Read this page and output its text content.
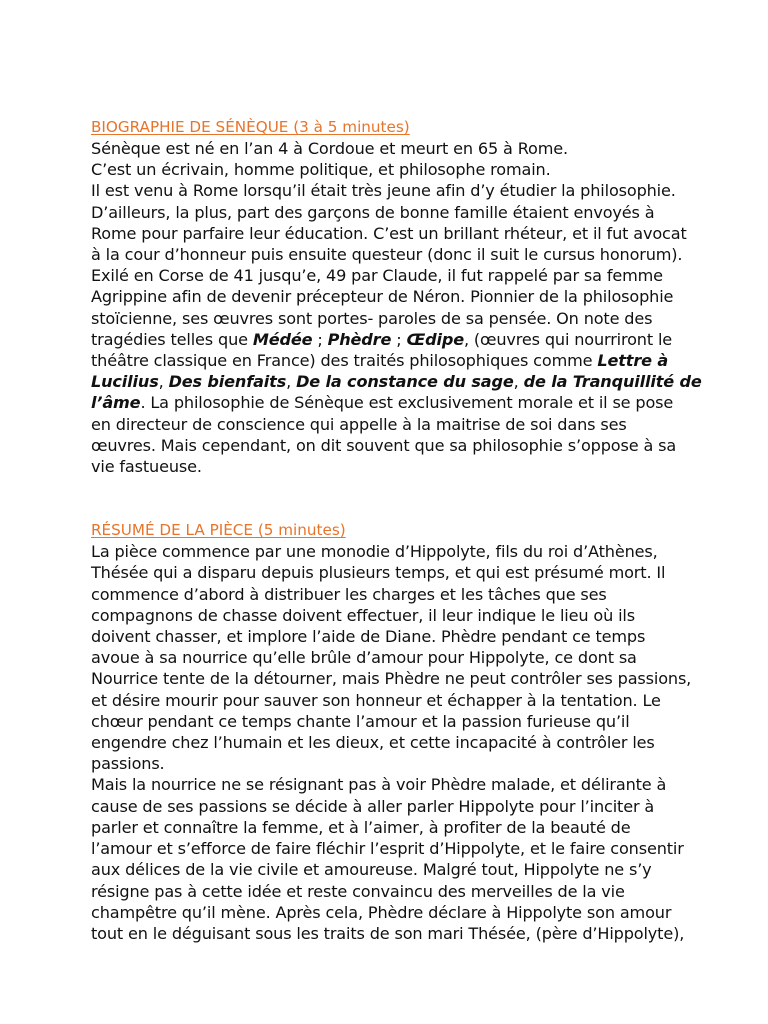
BIOGRAPHIE DE SÉNÈQUE (3 à 5 minutes)
Sénèque est né en l’an 4 à Cordoue et meurt en 65 à Rome.
C’est un écrivain, homme politique, et philosophe romain.
Il est venu à Rome lorsqu’il était très jeune afin d’y étudier la philosophie.
D’ailleurs, la plus, part des garçons de bonne famille étaient envoyés à
Rome pour parfaire leur éducation. C’est un brillant rhéteur, et il fut avocat
à la cour d’honneur puis ensuite questeur (donc il suit le cursus honorum).
Exilé en Corse de 41 jusqu’e, 49 par Claude, il fut rappelé par sa femme
Agrippine afin de devenir précepteur de Néron. Pionnier de la philosophie
stoïcienne, ses œuvres sont portes- paroles de sa pensée. On note des
tragédies telles que Médée ; Phèdre ; Œdipe, (œuvres qui nourriront le
théâtre classique en France) des traités philosophiques comme Lettre à
Lucilius, Des bienfaits, De la constance du sage, de la Tranquillité de
l’âme. La philosophie de Sénèque est exclusivement morale et il se pose
en directeur de conscience qui appelle à la maitrise de soi dans ses
œuvres. Mais cependant, on dit souvent que sa philosophie s’oppose à sa
vie fastueuse.
RÉSUMÉ DE LA PIÈCE (5 minutes)
La pièce commence par une monodie d’Hippolyte, fils du roi d’Athènes,
Thésée qui a disparu depuis plusieurs temps, et qui est présumé mort. Il
commence d’abord à distribuer les charges et les tâches que ses
compagnons de chasse doivent effectuer, il leur indique le lieu où ils
doivent chasser, et implore l’aide de Diane. Phèdre pendant ce temps
avoue à sa nourrice qu’elle brûle d’amour pour Hippolyte, ce dont sa
Nourrice tente de la détourner, mais Phèdre ne peut contrôler ses passions,
et désire mourir pour sauver son honneur et échapper à la tentation. Le
chœur pendant ce temps chante l’amour et la passion furieuse qu’il
engendre chez l’humain et les dieux, et cette incapacité à contrôler les
passions.
Mais la nourrice ne se résignant pas à voir Phèdre malade, et délirante à
cause de ses passions se décide à aller parler Hippolyte pour l’inciter à
parler et connaître la femme, et à l’aimer, à profiter de la beauté de
l’amour et s’efforce de faire fléchir l’esprit d’Hippolyte, et le faire consentir
aux délices de la vie civile et amoureuse. Malgré tout, Hippolyte ne s’y
résigne pas à cette idée et reste convaincu des merveilles de la vie
champêtre qu’il mène. Après cela, Phèdre déclare à Hippolyte son amour
tout en le déguisant sous les traits de son mari Thésée, (père d’Hippolyte),
